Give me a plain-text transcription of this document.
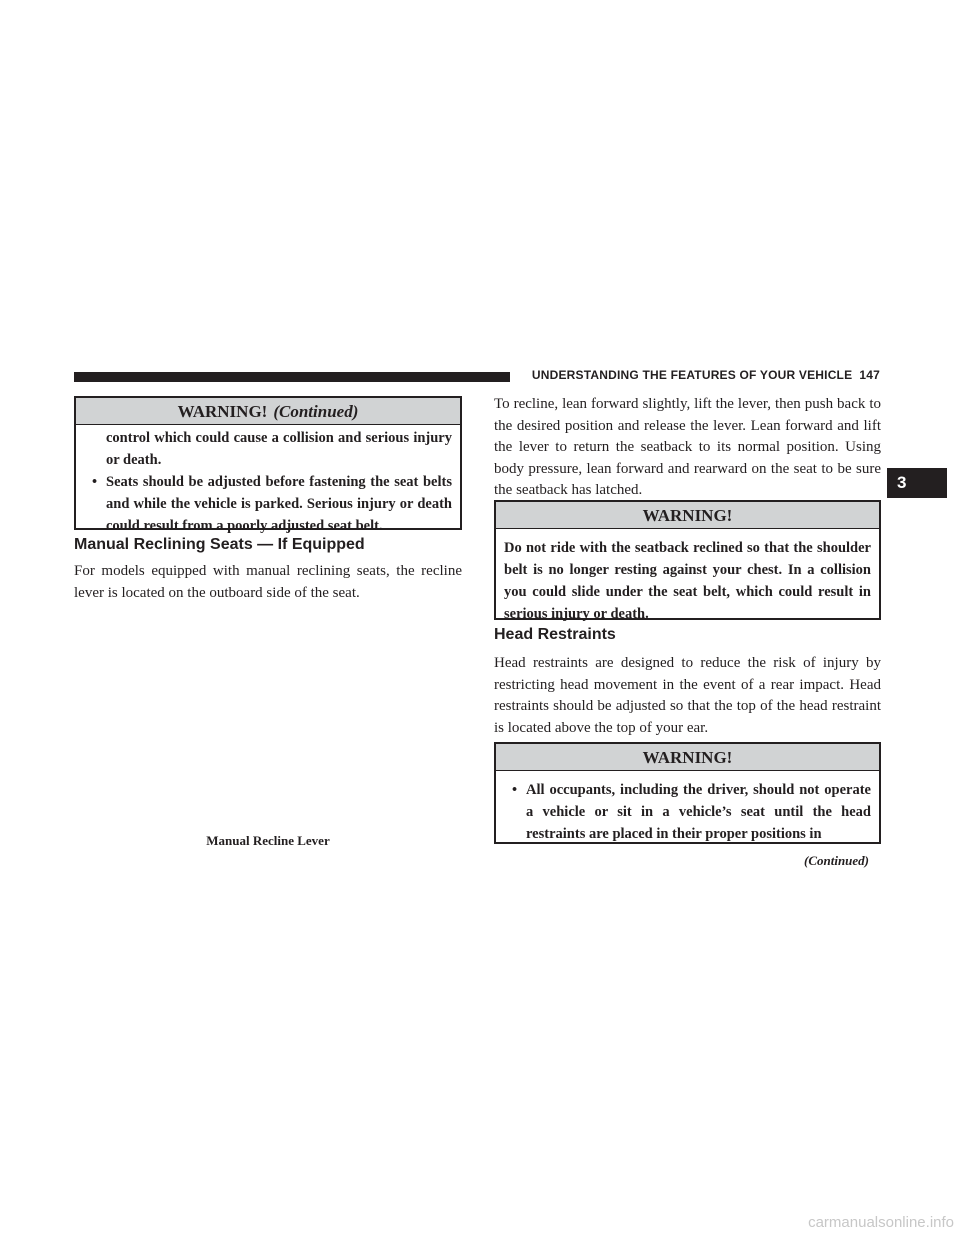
UNDERSTANDING THE FEATURES OF YOUR VEHICLE 147
WARNING! (Continued)

control which could cause a collision and serious injury or death.

• Seats should be adjusted before fastening the seat belts and while the vehicle is parked. Serious injury or death could result from a poorly adjusted seat belt.
Manual Reclining Seats — If Equipped
For models equipped with manual reclining seats, the recline lever is located on the outboard side of the seat.
Manual Recline Lever
To recline, lean forward slightly, lift the lever, then push back to the desired position and release the lever. Lean forward and lift the lever to return the seatback to its normal position. Using body pressure, lean forward and rearward on the seat to be sure the seatback has latched.
WARNING!
Do not ride with the seatback reclined so that the shoulder belt is no longer resting against your chest. In a collision you could slide under the seat belt, which could result in serious injury or death.
Head Restraints
Head restraints are designed to reduce the risk of injury by restricting head movement in the event of a rear impact. Head restraints should be adjusted so that the top of the head restraint is located above the top of your ear.
WARNING!
• All occupants, including the driver, should not operate a vehicle or sit in a vehicle’s seat until the head restraints are placed in their proper positions in
(Continued)
3
carmanualsonline.info
